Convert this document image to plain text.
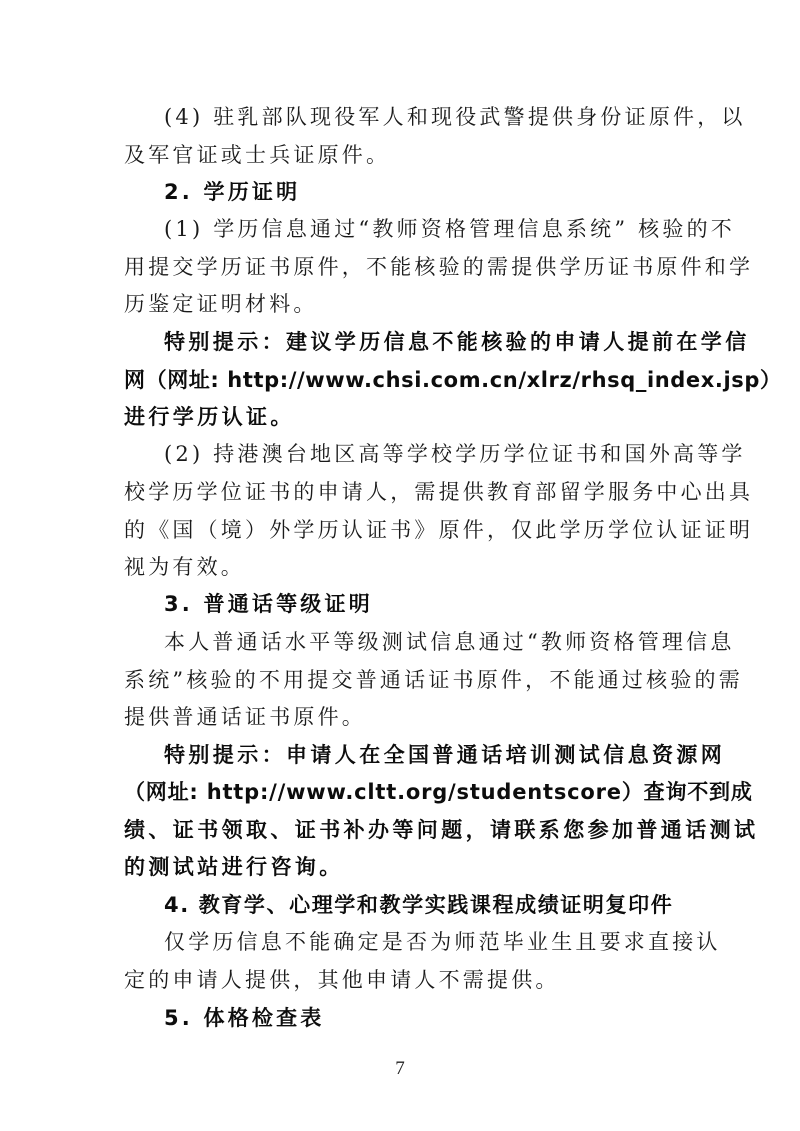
(4) 驻乳部队现役军人和现役武警提供身份证原件，以
及军官证或士兵证原件。
2. 学历证明
(1) 学历信息通过“教师资格管理信息系统” 核验的不
用提交学历证书原件，不能核验的需提供学历证书原件和学
历鉴定证明材料。
特别提示：建议学历信息不能核验的申请人提前在学信
网（网址: http://www.chsi.com.cn/xlrz/rhsq_index.jsp）
进行学历认证。
(2) 持港澳台地区高等学校学历学位证书和国外高等学
校学历学位证书的申请人，需提供教育部留学服务中心出具
的《国（境）外学历认证书》原件，仅此学历学位认证证明
视为有效。
3. 普通话等级证明
本人普通话水平等级测试信息通过“教师资格管理信息
系统”核验的不用提交普通话证书原件，不能通过核验的需
提供普通话证书原件。
特别提示：申请人在全国普通话培训测试信息资源网
（网址: http://www.cltt.org/studentscore）查询不到成
绩、证书领取、证书补办等问题，请联系您参加普通话测试
的测试站进行咨询。
4. 教育学、心理学和教学实践课程成绩证明复印件
仅学历信息不能确定是否为师范毕业生且要求直接认
定的申请人提供，其他申请人不需提供。
5. 体格检查表
7
